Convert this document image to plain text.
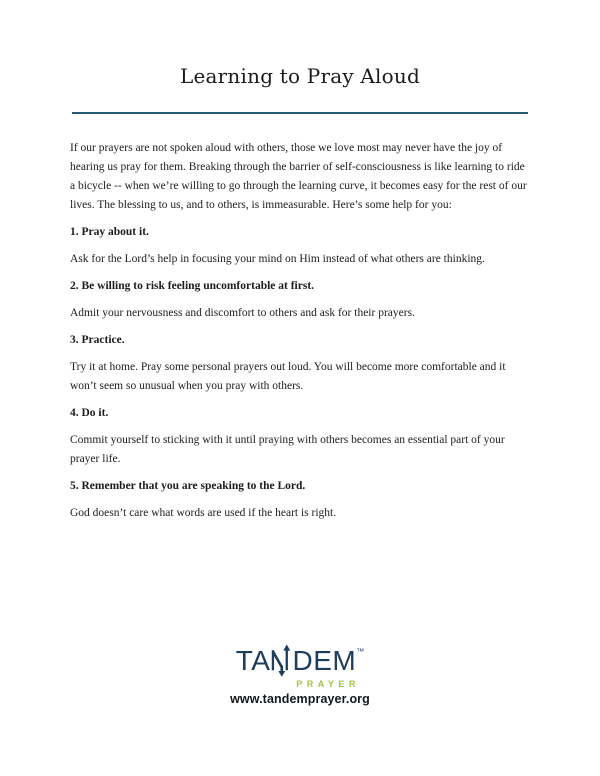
Learning to Pray Aloud

If our prayers are not spoken aloud with others, those we love most may never have the joy of hearing us pray for them. Breaking through the barrier of self-consciousness is like learning to ride a bicycle -- when we’re willing to go through the learning curve, it becomes easy for the rest of our lives. The blessing to us, and to others, is immeasurable. Here’s some help for you:

1. Pray about it.

Ask for the Lord’s help in focusing your mind on Him instead of what others are thinking.

2. Be willing to risk feeling uncomfortable at first.

Admit your nervousness and discomfort to others and ask for their prayers.

3. Practice.

Try it at home. Pray some personal prayers out loud. You will become more comfortable and it won’t seem so unusual when you pray with others.

4. Do it.

Commit yourself to sticking with it until praying with others becomes an essential part of your prayer life.

5. Remember that you are speaking to the Lord.

God doesn’t care what words are used if the heart is right.

TA DEM™
PRAYER
www.tandemprayer.org
